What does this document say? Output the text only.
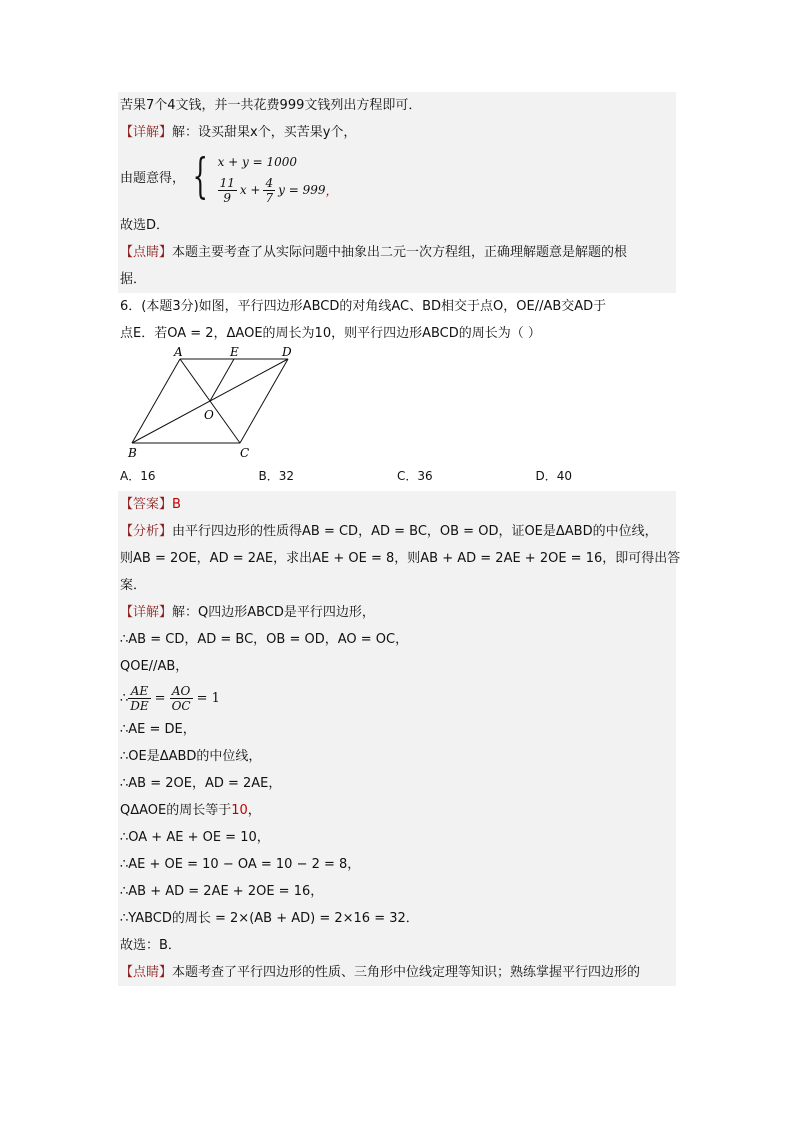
苦果7个4文钱，并一共花费999文钱列出方程即可．
【详解】解：设买甜果x个，买苦果y个，
由题意得， { x + y = 1000
$\frac{11}{9}$ $x + \frac{4}{7}$ y = 999 ，
故选D．
【点睛】本题主要考查了从实际问题中抽象出二元一次方程组，正确理解题意是解题的根
据．
6．(本题3分)如图，平行四边形ABCD的对角线AC、BD相交于点O，OE//AB交AD于
点E．若OA = 2，ΔAOE的周长为10，则平行四边形ABCD的周长为（ ）
A	E	D
O
B	C
A．16	B．32	C．36	D．40
【答案】B
【分析】由平行四边形的性质得AB = CD，AD = BC，OB = OD，证OE是ΔABD的中位线，
则AB = 2OE，AD = 2AE，求出AE + OE = 8，则AB + AD = 2AE + 2OE = 16，即可得出答
案．
【详解】解：Q四边形ABCD是平行四边形，
∴AB = CD，AD = BC，OB = OD，AO = OC，
QOE//AB，
∴ $\frac{AE}{DE} = \frac{AO}{OC} = 1$
∴AE = DE，
∴OE是ΔABD的中位线，
∴AB = 2OE，AD = 2AE，
QΔAOE的周长等于10，
∴OA + AE + OE = 10，
∴AE + OE = 10 − OA = 10 − 2 = 8，
∴AB + AD = 2AE + 2OE = 16，
∴YABCD的周长 = 2×(AB + AD) = 2×16 = 32．
故选：B．
【点睛】本题考查了平行四边形的性质、三角形中位线定理等知识；熟练掌握平行四边形的
